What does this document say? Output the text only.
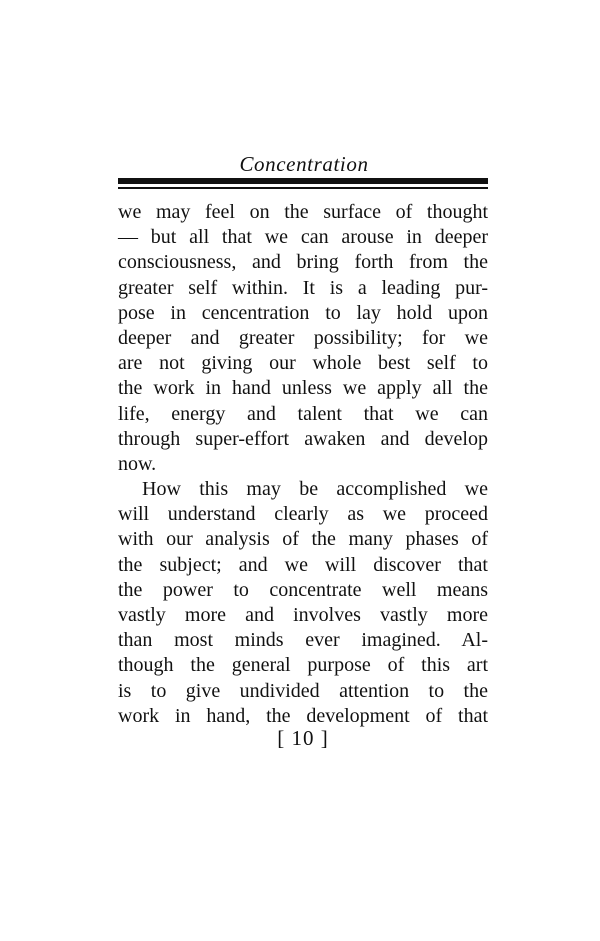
Concentration
we may feel on the surface of thought
— but all that we can arouse in deeper
consciousness, and bring forth from the
greater self within. It is a leading pur-
pose in cencentration to lay hold upon
deeper and greater possibility; for we
are not giving our whole best self to
the work in hand unless we apply all the
life, energy and talent that we can
through super-effort awaken and develop
now.
How this may be accomplished we
will understand clearly as we proceed
with our analysis of the many phases of
the subject; and we will discover that
the power to concentrate well means
vastly more and involves vastly more
than most minds ever imagined. Al-
though the general purpose of this art
is to give undivided attention to the
work in hand, the development of that
[ 10 ]
